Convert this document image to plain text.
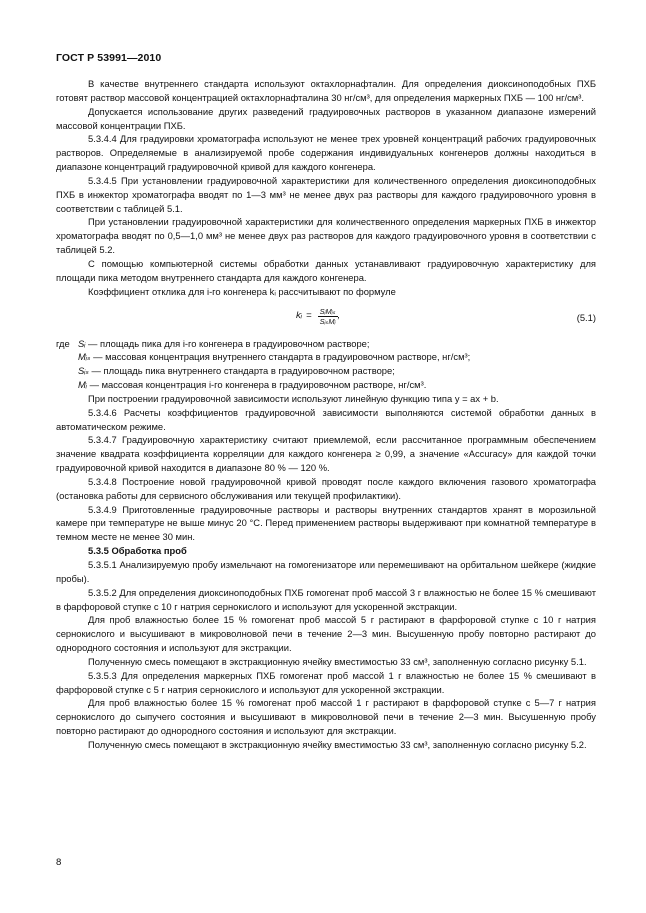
ГОСТ Р 53991—2010

В качестве внутреннего стандарта используют октахлорнафталин. Для определения диоксиноподобных ПХБ готовят раствор массовой концентрацией октахлорнафталина 30 нг/см³, для определения маркерных ПХБ — 100 нг/см³.

Допускается использование других разведений градуировочных растворов в указанном диапазоне измерений массовой концентрации ПХБ.

5.3.4.4 Для градуировки хроматографа используют не менее трех уровней концентраций рабочих градуировочных растворов. Определяемые в анализируемой пробе содержания индивидуальных конгенеров должны находиться в диапазоне концентраций градуировочной кривой для каждого конгенера.

5.3.4.5 При установлении градуировочной характеристики для количественного определения диоксиноподобных ПХБ в инжектор хроматографа вводят по 1—3 мм³ не менее двух раз растворы для каждого градуировочного уровня в соответствии с таблицей 5.1.

При установлении градуировочной характеристики для количественного определения маркерных ПХБ в инжектор хроматографа вводят по 0,5—1,0 мм³ не менее двух раз растворов для каждого градуировочного уровня в соответствии с таблицей 5.2.

С помощью компьютерной системы обработки данных устанавливают градуировочную характеристику для площади пика методом внутреннего стандарта для каждого конгенера.

Коэффициент отклика для i-го конгенера kᵢ рассчитывают по формуле

kᵢ = $\frac{\text{SᵢMᵢₛ}}{\text{SᵢₛMᵢ}}$ ,	(5.1)
где Sᵢ — площадь пика для i-го конгенера в градуировочном растворе;
Mᵢₛ — массовая концентрация внутреннего стандарта в градуировочном растворе, нг/см³;
Sᵢₛ — площадь пика внутреннего стандарта в градуировочном растворе;
Mᵢ — массовая концентрация i-го конгенера в градуировочном растворе, нг/см³.

При построении градуировочной зависимости используют линейную функцию типа y = ax + b.

5.3.4.6 Расчеты коэффициентов градуировочной зависимости выполняются системой обработки данных в автоматическом режиме.

5.3.4.7 Градуировочную характеристику считают приемлемой, если рассчитанное программным обеспечением значение квадрата коэффициента корреляции для каждого конгенера ≥ 0,99, а значение «Accuracy» для каждой точки градуировочной кривой находится в диапазоне 80 % — 120 %.

5.3.4.8 Построение новой градуировочной кривой проводят после каждого включения газового хроматографа (остановка работы для сервисного обслуживания или текущей профилактики).

5.3.4.9 Приготовленные градуировочные растворы и растворы внутренних стандартов хранят в морозильной камере при температуре не выше минус 20 °С. Перед применением растворы выдерживают при комнатной температуре в темном месте не менее 30 мин.

5.3.5 Обработка проб

5.3.5.1 Анализируемую пробу измельчают на гомогенизаторе или перемешивают на орбитальном шейкере (жидкие пробы).

5.3.5.2 Для определения диоксиноподобных ПХБ гомогенат проб массой 3 г влажностью не более 15 % смешивают в фарфоровой ступке с 10 г натрия сернокислого и используют для ускоренной экстракции.

Для проб влажностью более 15 % гомогенат проб массой 5 г растирают в фарфоровой ступке с 10 г натрия сернокислого и высушивают в микроволновой печи в течение 2—3 мин. Высушенную пробу повторно растирают до однородного состояния и используют для экстракции.

Полученную смесь помещают в экстракционную ячейку вместимостью 33 см³, заполненную согласно рисунку 5.1.

5.3.5.3 Для определения маркерных ПХБ гомогенат проб массой 1 г влажностью не более 15 % смешивают в фарфоровой ступке с 5 г натрия сернокислого и используют для ускоренной экстракции.

Для проб влажностью более 15 % гомогенат проб массой 1 г растирают в фарфоровой ступке с 5—7 г натрия сернокислого до сыпучего состояния и высушивают в микроволновой печи в течение 2—3 мин. Высушенную пробу повторно растирают до однородного состояния и используют для экстракции.

Полученную смесь помещают в экстракционную ячейку вместимостью 33 см³, заполненную согласно рисунку 5.2.

8
